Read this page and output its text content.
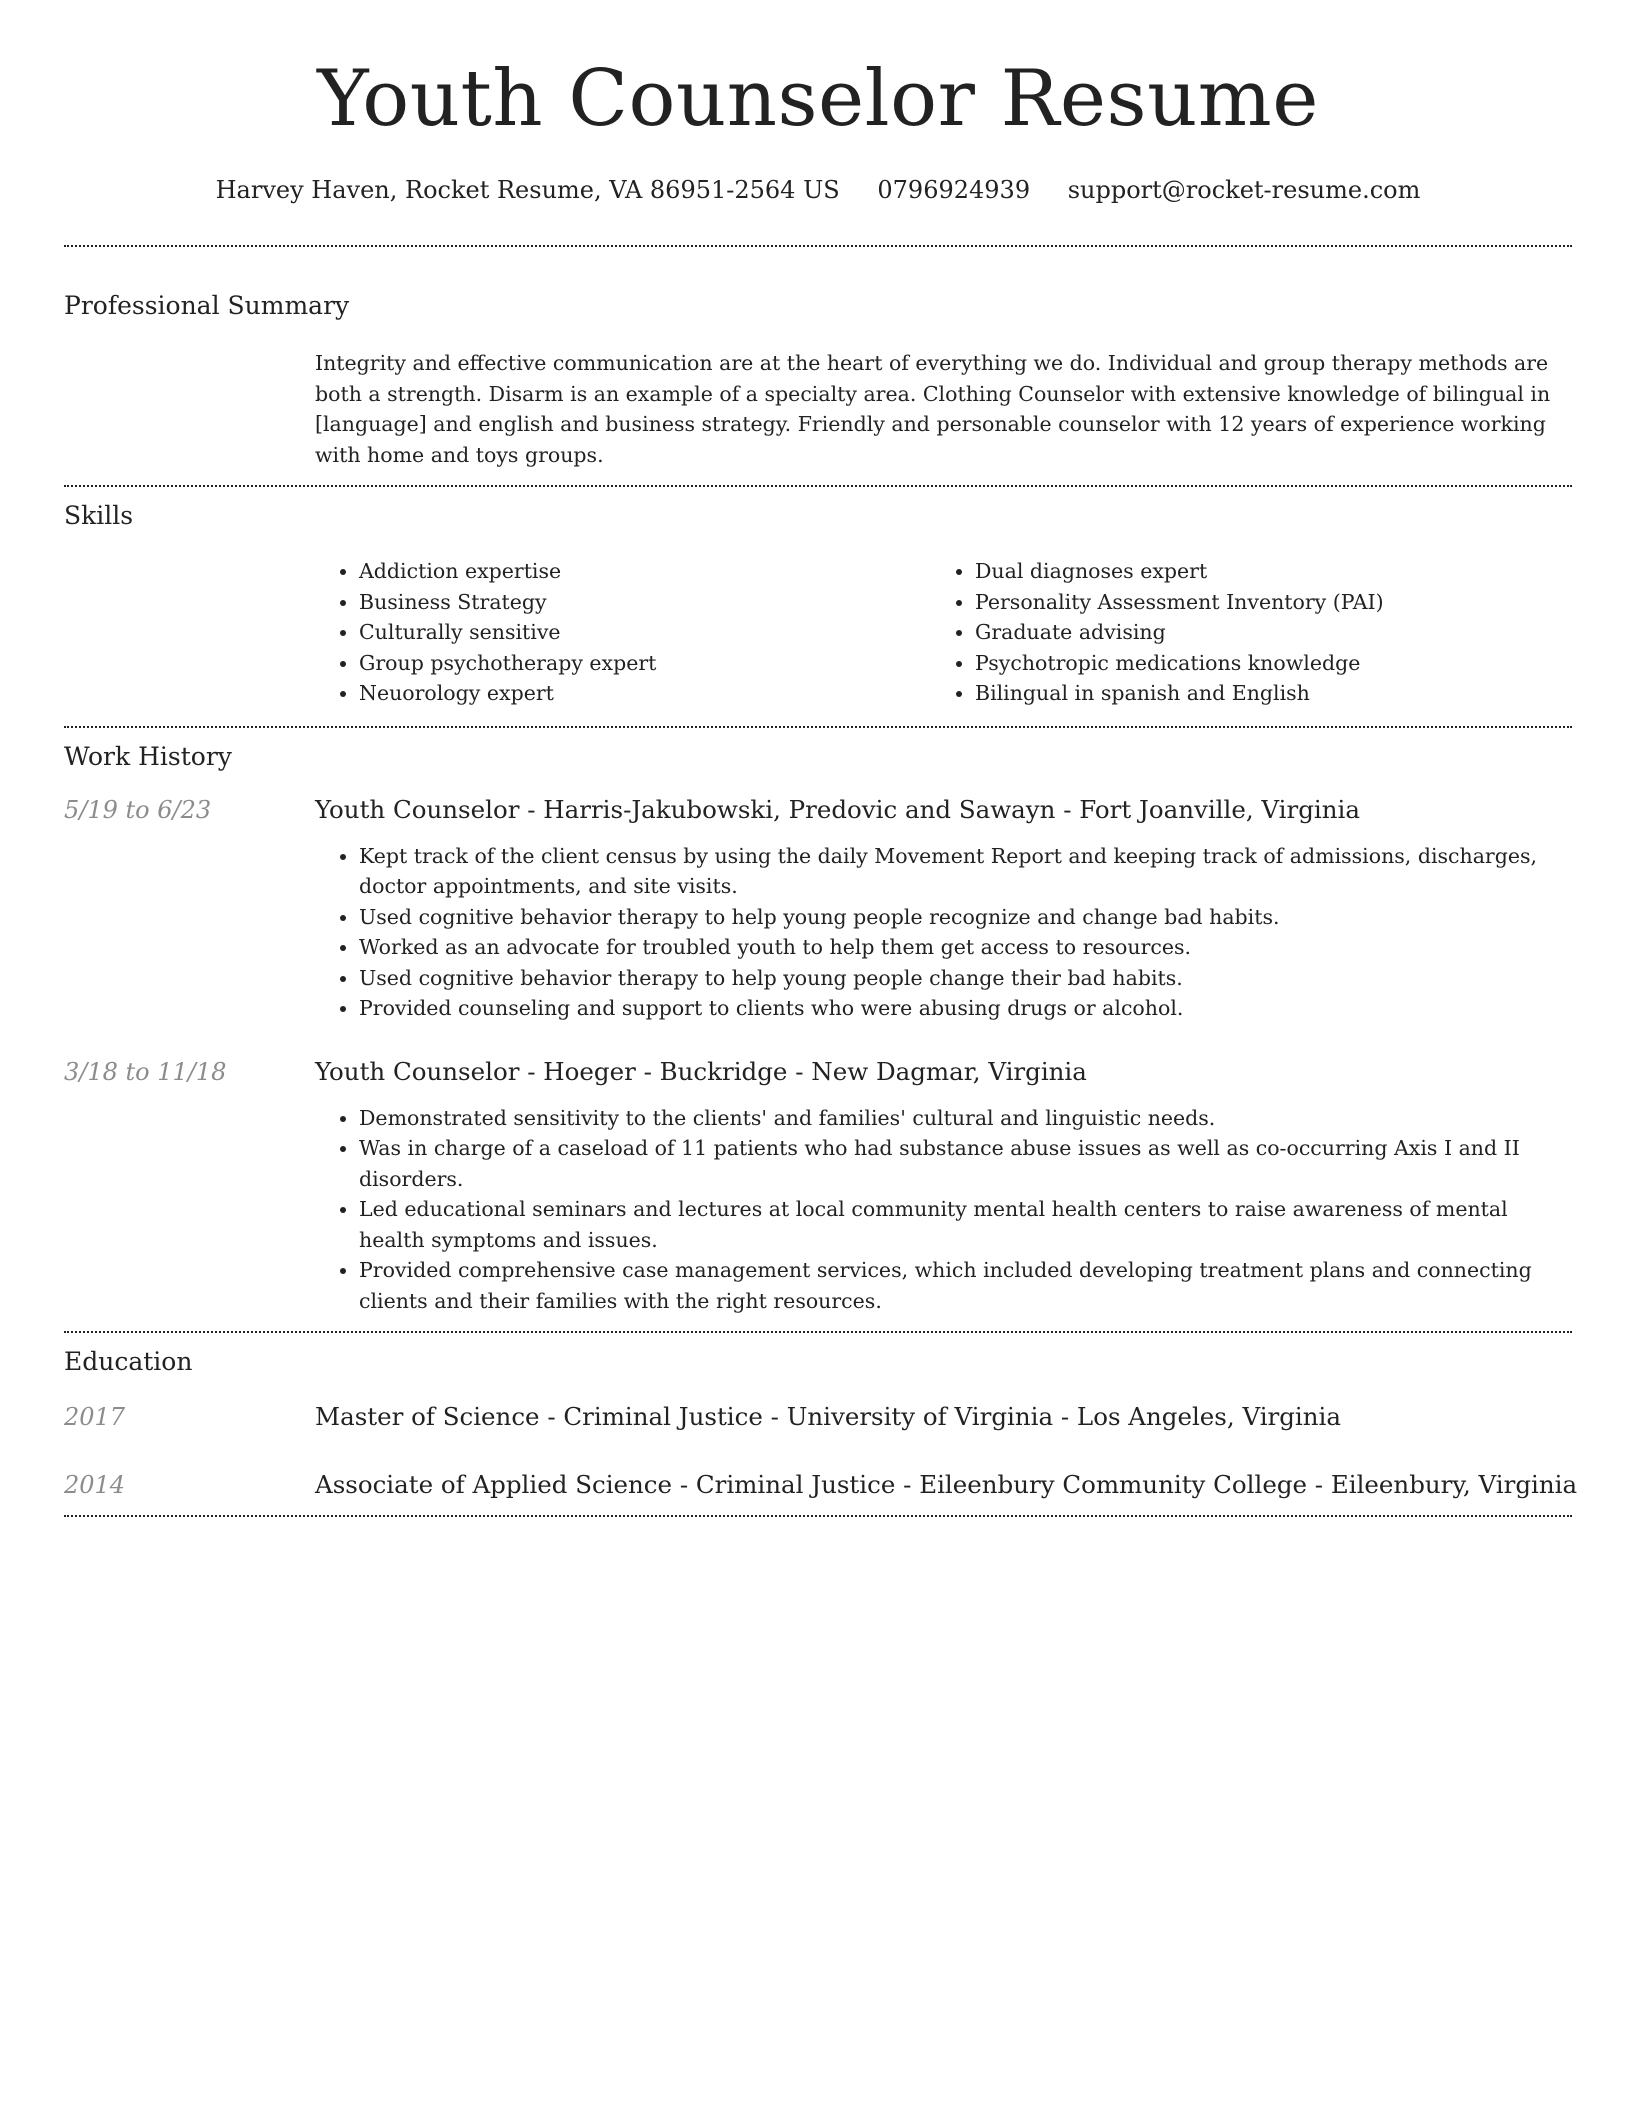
Youth Counselor Resume
Harvey Haven, Rocket Resume, VA 86951-2564 US 0796924939 support@rocket-resume.com
Professional Summary
Integrity and effective communication are at the heart of everything we do. Individual and group therapy methods are both a strength. Disarm is an example of a specialty area. Clothing Counselor with extensive knowledge of bilingual in [language] and english and business strategy. Friendly and personable counselor with 12 years of experience working with home and toys groups.
Skills
• Addiction expertise
• Business Strategy
• Culturally sensitive
• Group psychotherapy expert
• Neuorology expert
• Dual diagnoses expert
• Personality Assessment Inventory (PAI)
• Graduate advising
• Psychotropic medications knowledge
• Bilingual in spanish and English
Work History
5/19 to 6/23	Youth Counselor - Harris-Jakubowski, Predovic and Sawayn - Fort Joanville, Virginia
• Kept track of the client census by using the daily Movement Report and keeping track of admissions, discharges, doctor appointments, and site visits.
• Used cognitive behavior therapy to help young people recognize and change bad habits.
• Worked as an advocate for troubled youth to help them get access to resources.
• Used cognitive behavior therapy to help young people change their bad habits.
• Provided counseling and support to clients who were abusing drugs or alcohol.
3/18 to 11/18	Youth Counselor - Hoeger - Buckridge - New Dagmar, Virginia
• Demonstrated sensitivity to the clients' and families' cultural and linguistic needs.
• Was in charge of a caseload of 11 patients who had substance abuse issues as well as co-occurring Axis I and II disorders.
• Led educational seminars and lectures at local community mental health centers to raise awareness of mental health symptoms and issues.
• Provided comprehensive case management services, which included developing treatment plans and connecting clients and their families with the right resources.
Education
2017	Master of Science - Criminal Justice - University of Virginia - Los Angeles, Virginia
2014	Associate of Applied Science - Criminal Justice - Eileenbury Community College - Eileenbury, Virginia
